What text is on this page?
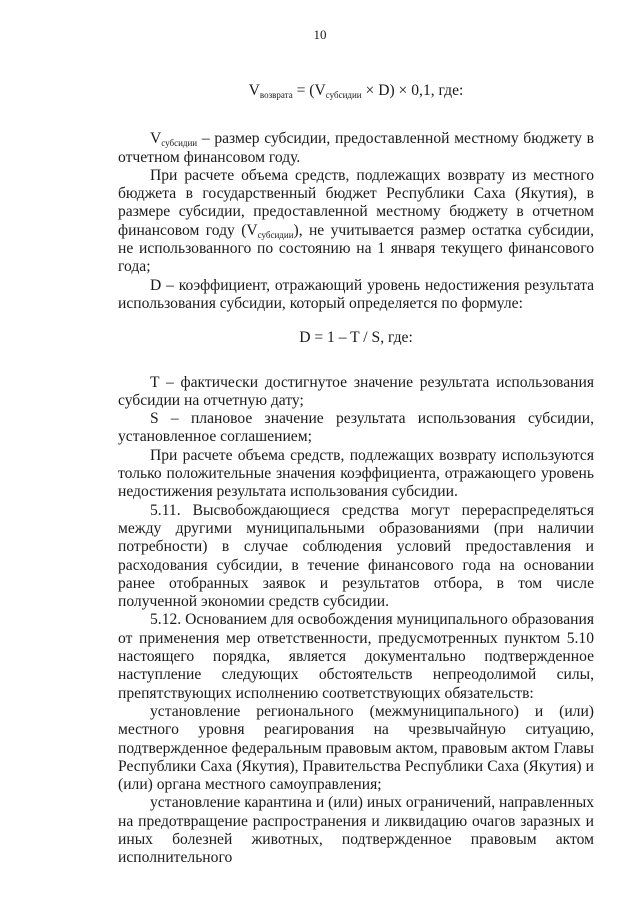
10
$V_{возврата} = (V_{субсидии} \times D) \times 0,1$, где:

$V_{субсидии}$ – размер субсидии, предоставленной местному бюджету в отчетном финансовом году.

При расчете объема средств, подлежащих возврату из местного бюджета в государственный бюджет Республики Саха (Якутия), в размере субсидии, предоставленной местному бюджету в отчетном финансовом году $(V_{субсидии})$, не учитывается размер остатка субсидии, не использованного по состоянию на 1 января текущего финансового года;

D – коэффициент, отражающий уровень недостижения результата использования субсидии, который определяется по формуле:

D = 1 – T / S, где:

T – фактически достигнутое значение результата использования субсидии на отчетную дату;

S – плановое значение результата использования субсидии, установленное соглашением;

При расчете объема средств, подлежащих возврату используются только положительные значения коэффициента, отражающего уровень недостижения результата использования субсидии.

5.11. Высвобождающиеся средства могут перераспределяться между другими муниципальными образованиями (при наличии потребности) в случае соблюдения условий предоставления и расходования субсидии, в течение финансового года на основании ранее отобранных заявок и результатов отбора, в том числе полученной экономии средств субсидии.

5.12. Основанием для освобождения муниципального образования от применения мер ответственности, предусмотренных пунктом 5.10 настоящего порядка, является документально подтвержденное наступление следующих обстоятельств непреодолимой силы, препятствующих исполнению соответствующих обязательств:

установление регионального (межмуниципального) и (или) местного уровня реагирования на чрезвычайную ситуацию, подтвержденное федеральным правовым актом, правовым актом Главы Республики Саха (Якутия), Правительства Республики Саха (Якутия) и (или) органа местного самоуправления;

установление карантина и (или) иных ограничений, направленных на предотвращение распространения и ликвидацию очагов заразных и иных болезней животных, подтвержденное правовым актом исполнительного
